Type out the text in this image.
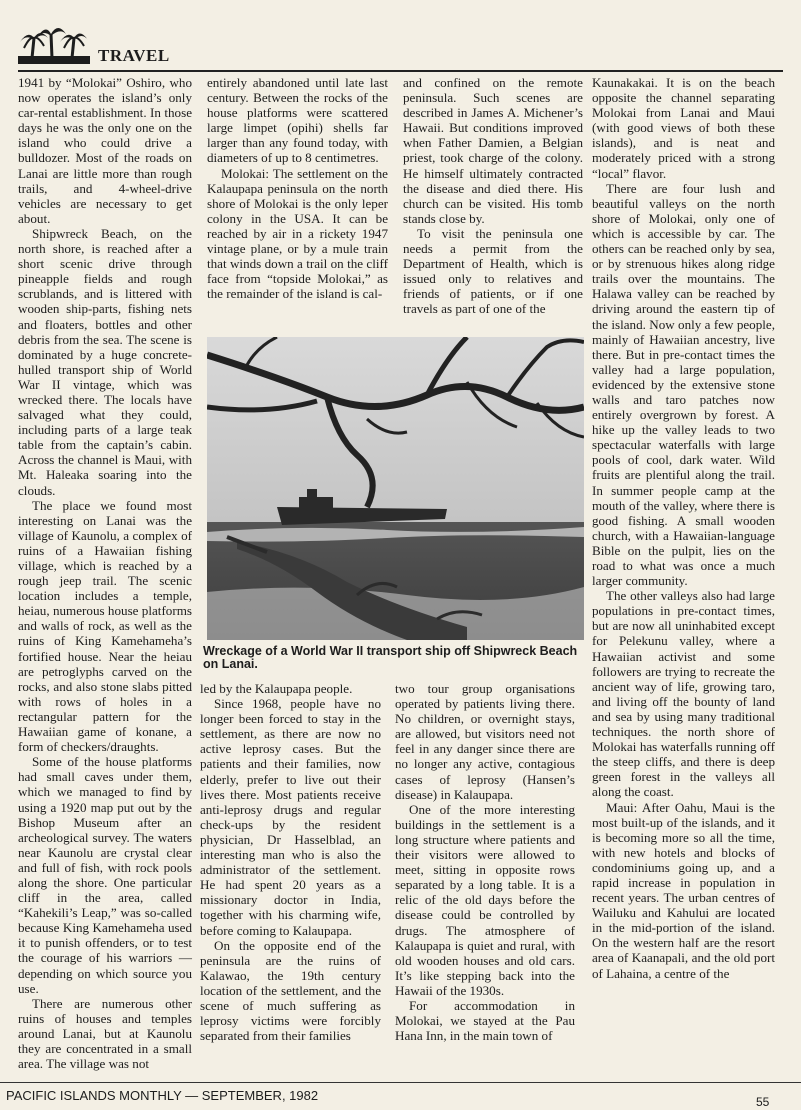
TRAVEL

1941 by “Molokai” Oshiro, who now operates the island’s only car-rental establishment. In those days he was the only one on the island who could drive a bulldozer. Most of the roads on Lanai are little more than rough trails, and 4-wheel-drive vehicles are necessary to get about.

Shipwreck Beach, on the north shore, is reached after a short scenic drive through pineapple fields and rough scrublands, and is littered with wooden ship-parts, fishing nets and floaters, bottles and other debris from the sea. The scene is dominated by a huge concrete-hulled transport ship of World War II vintage, which was wrecked there. The locals have salvaged what they could, including parts of a large teak table from the captain’s cabin. Across the channel is Maui, with Mt. Haleaka soaring into the clouds.

The place we found most interesting on Lanai was the village of Kaunolu, a complex of ruins of a Hawaiian fishing village, which is reached by a rough jeep trail. The scenic location includes a temple, heiau, numerous house platforms and walls of rock, as well as the ruins of King Kamehameha’s fortified house. Near the heiau are petroglyphs carved on the rocks, and also stone slabs pitted with rows of holes in a rectangular pattern for the Hawaiian game of konane, a form of checkers/draughts.

Some of the house platforms had small caves under them, which we managed to find by using a 1920 map put out by the Bishop Museum after an archeological survey. The waters near Kaunolu are crystal clear and full of fish, with rock pools along the shore. One particular cliff in the area, called “Kahekili’s Leap,” was so-called because King Kamehameha used it to punish offenders, or to test the courage of his warriors — depending on which source you use.

There are numerous other ruins of houses and temples around Lanai, but at Kaunolu they are concentrated in a small area. The village was not

entirely abandoned until late last century. Between the rocks of the house platforms were scattered large limpet (opihi) shells far larger than any found today, with diameters of up to 8 centimetres.

Molokai: The settlement on the Kalaupapa peninsula on the north shore of Molokai is the only leper colony in the USA. It can be reached by air in a rickety 1947 vintage plane, or by a mule train that winds down a trail on the cliff face from “topside Molokai,” as the remainder of the island is cal-

and confined on the remote peninsula. Such scenes are described in James A. Michener’s Hawaii. But conditions improved when Father Damien, a Belgian priest, took charge of the colony. He himself ultimately contracted the disease and died there. His church can be visited. His tomb stands close by.

To visit the peninsula one needs a permit from the Department of Health, which is issued only to relatives and friends of patients, or if one travels as part of one of the

Wreckage of a World War II transport ship off Shipwreck Beach on Lanai.

led by the Kalaupapa people.

Since 1968, people have no longer been forced to stay in the settlement, as there are now no active leprosy cases. But the patients and their families, now elderly, prefer to live out their lives there. Most patients receive anti-leprosy drugs and regular check-ups by the resident physician, Dr Hasselblad, an interesting man who is also the administrator of the settlement. He had spent 20 years as a missionary doctor in India, together with his charming wife, before coming to Kalaupapa.

On the opposite end of the peninsula are the ruins of Kalawao, the 19th century location of the settlement, and the scene of much suffering as leprosy victims were forcibly separated from their families

two tour group organisations operated by patients living there. No children, or overnight stays, are allowed, but visitors need not feel in any danger since there are no longer any active, contagious cases of leprosy (Hansen’s disease) in Kalaupapa.

One of the more interesting buildings in the settlement is a long structure where patients and their visitors were allowed to meet, sitting in opposite rows separated by a long table. It is a relic of the old days before the disease could be controlled by drugs. The atmosphere of Kalaupapa is quiet and rural, with old wooden houses and old cars. It’s like stepping back into the Hawaii of the 1930s.

For accommodation in Molokai, we stayed at the Pau Hana Inn, in the main town of

Kaunakakai. It is on the beach opposite the channel separating Molokai from Lanai and Maui (with good views of both these islands), and is neat and moderately priced with a strong “local” flavor.

There are four lush and beautiful valleys on the north shore of Molokai, only one of which is accessible by car. The others can be reached only by sea, or by strenuous hikes along ridge trails over the mountains. The Halawa valley can be reached by driving around the eastern tip of the island. Now only a few people, mainly of Hawaiian ancestry, live there. But in pre-contact times the valley had a large population, evidenced by the extensive stone walls and taro patches now entirely overgrown by forest. A hike up the valley leads to two spectacular waterfalls with large pools of cool, dark water. Wild fruits are plentiful along the trail. In summer people camp at the mouth of the valley, where there is good fishing. A small wooden church, with a Hawaiian-language Bible on the pulpit, lies on the road to what was once a much larger community.

The other valleys also had large populations in pre-contact times, but are now all uninhabited except for Pelekunu valley, where a Hawaiian activist and some followers are trying to recreate the ancient way of life, growing taro, and living off the bounty of land and sea by using many traditional techniques. the north shore of Molokai has waterfalls running off the steep cliffs, and there is deep green forest in the valleys all along the coast.

Maui: After Oahu, Maui is the most built-up of the islands, and it is becoming more so all the time, with new hotels and blocks of condominiums going up, and a rapid increase in population in recent years. The urban centres of Wailuku and Kahului are located in the mid-portion of the island. On the western half are the resort area of Kaanapali, and the old port of Lahaina, a centre of the

PACIFIC ISLANDS MONTHLY — SEPTEMBER, 1982	55
